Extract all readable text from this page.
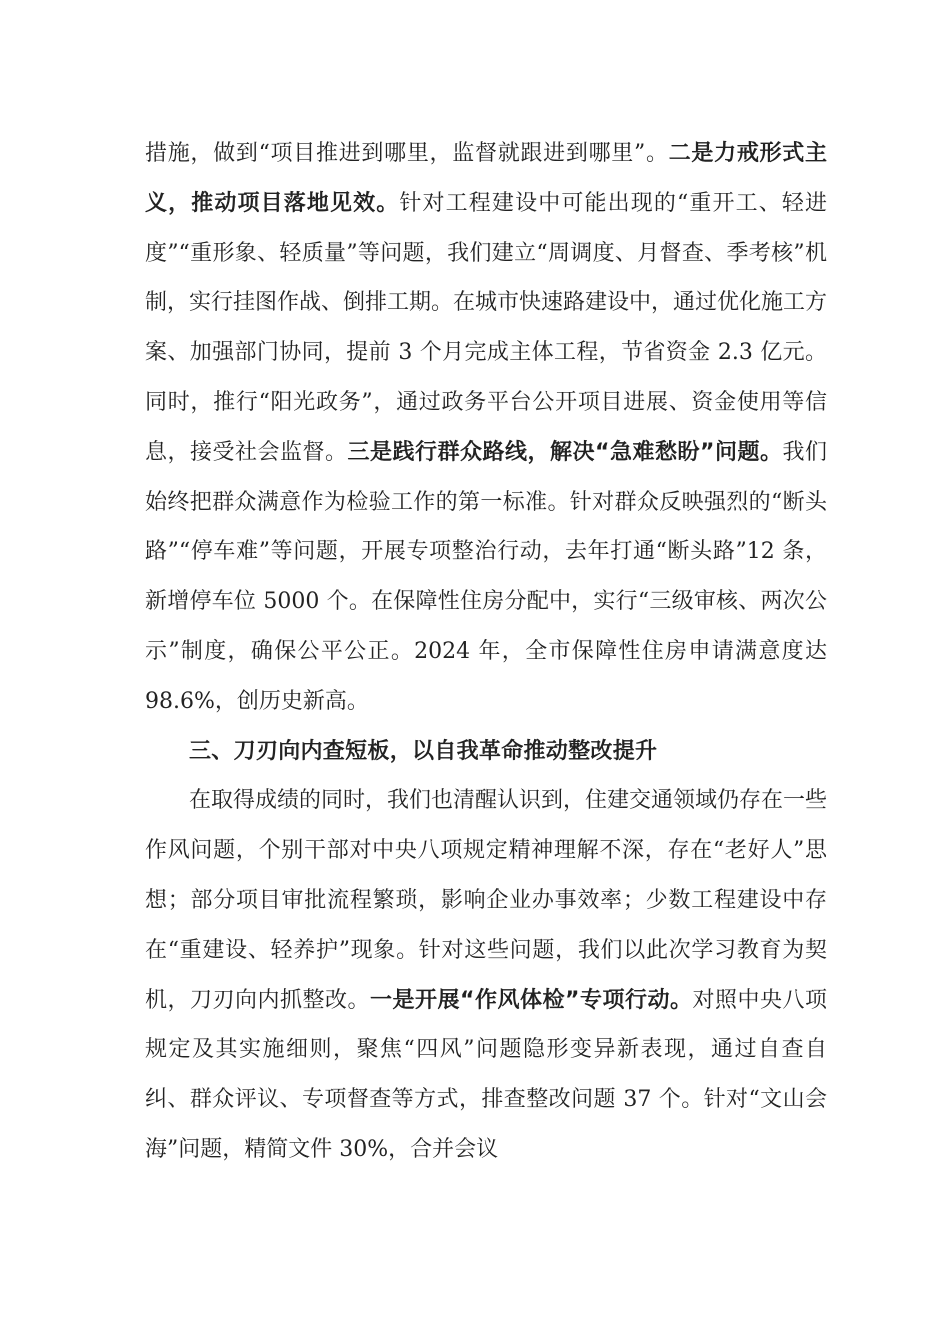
措施，做到“项目推进到哪里，监督就跟进到哪里”。二是力戒形式主义，推动项目落地见效。针对工程建设中可能出现的“重开工、轻进度”“重形象、轻质量”等问题，我们建立“周调度、月督查、季考核”机制，实行挂图作战、倒排工期。在城市快速路建设中，通过优化施工方案、加强部门协同，提前 3 个月完成主体工程，节省资金 2.3 亿元。同时，推行“阳光政务”，通过政务平台公开项目进展、资金使用等信息，接受社会监督。三是践行群众路线，解决“急难愁盼”问题。我们始终把群众满意作为检验工作的第一标准。针对群众反映强烈的“断头路”“停车难”等问题，开展专项整治行动，去年打通“断头路”12 条，新增停车位 5000 个。在保障性住房分配中，实行“三级审核、两次公示”制度，确保公平公正。2024 年，全市保障性住房申请满意度达 98.6%，创历史新高。

三、刀刃向内查短板，以自我革命推动整改提升

在取得成绩的同时，我们也清醒认识到，住建交通领域仍存在一些作风问题，个别干部对中央八项规定精神理解不深，存在“老好人”思想；部分项目审批流程繁琐，影响企业办事效率；少数工程建设中存在“重建设、轻养护”现象。针对这些问题，我们以此次学习教育为契机，刀刃向内抓整改。一是开展“作风体检”专项行动。对照中央八项规定及其实施细则，聚焦“四风”问题隐形变异新表现，通过自查自纠、群众评议、专项督查等方式，排查整改问题 37 个。针对“文山会海”问题，精简文件 30%，合并会议
